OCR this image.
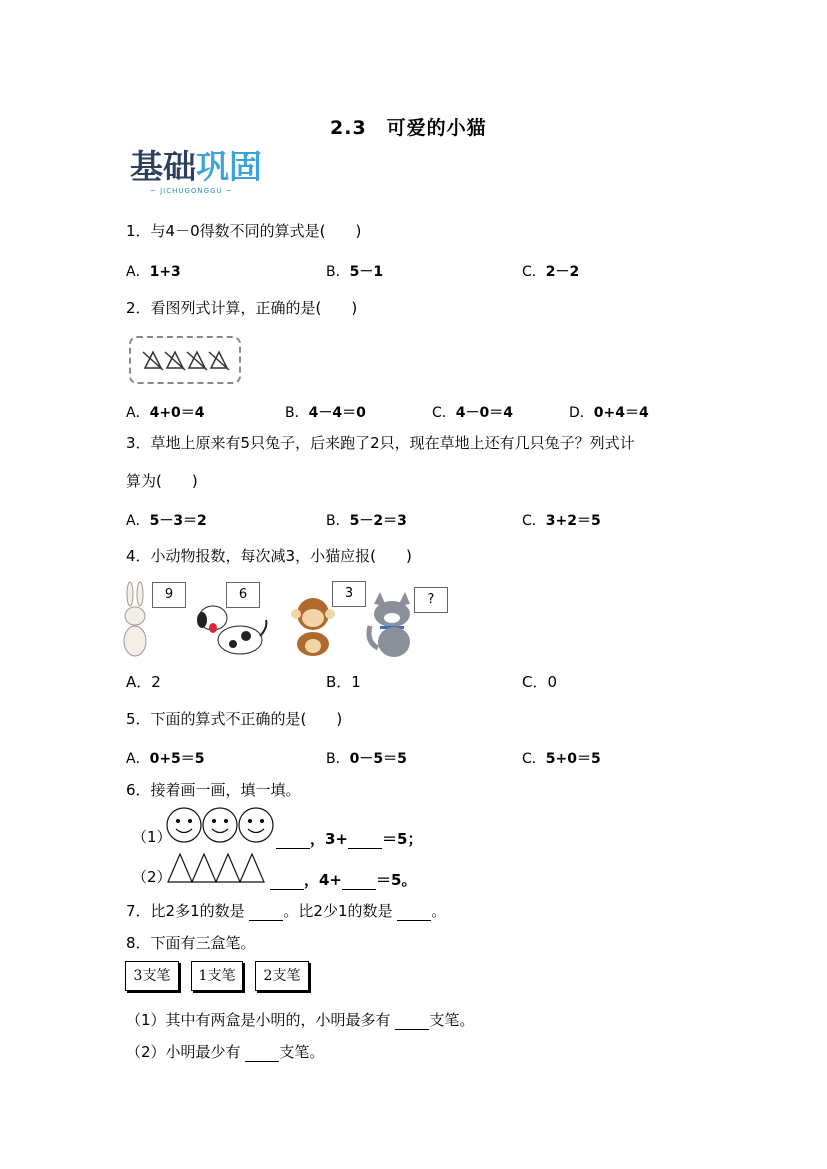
2.3　可爱的小猫
基础巩固
~ JICHUGONGGU ~
1．与4－0得数不同的算式是(　　)
A．1+3	B．5－1	C．2－2
2．看图列式计算，正确的是(　　)
A．4+0＝4	B．4－4＝0	C．4－0＝4	D．0+4＝4
3．草地上原来有5只兔子，后来跑了2只，现在草地上还有几只兔子？列式计
算为(　　)
A．5－3＝2	B．5－2＝3	C．3+2＝5
4．小动物报数，每次减3，小猫应报(　　)
9	6	3	?
A．2	B．1	C．0
5．下面的算式不正确的是(　　)
A．0+5＝5	B．0－5＝5	C．5+0＝5
6．接着画一画，填一填。
（1）	，3+ ＝5；
（2）	，4+ ＝5。
7．比2多1的数是  。比2少1的数是  。
8．下面有三盒笔。
3支笔	1支笔	2支笔
（1）其中有两盒是小明的，小明最多有  支笔。
（2）小明最少有  支笔。
